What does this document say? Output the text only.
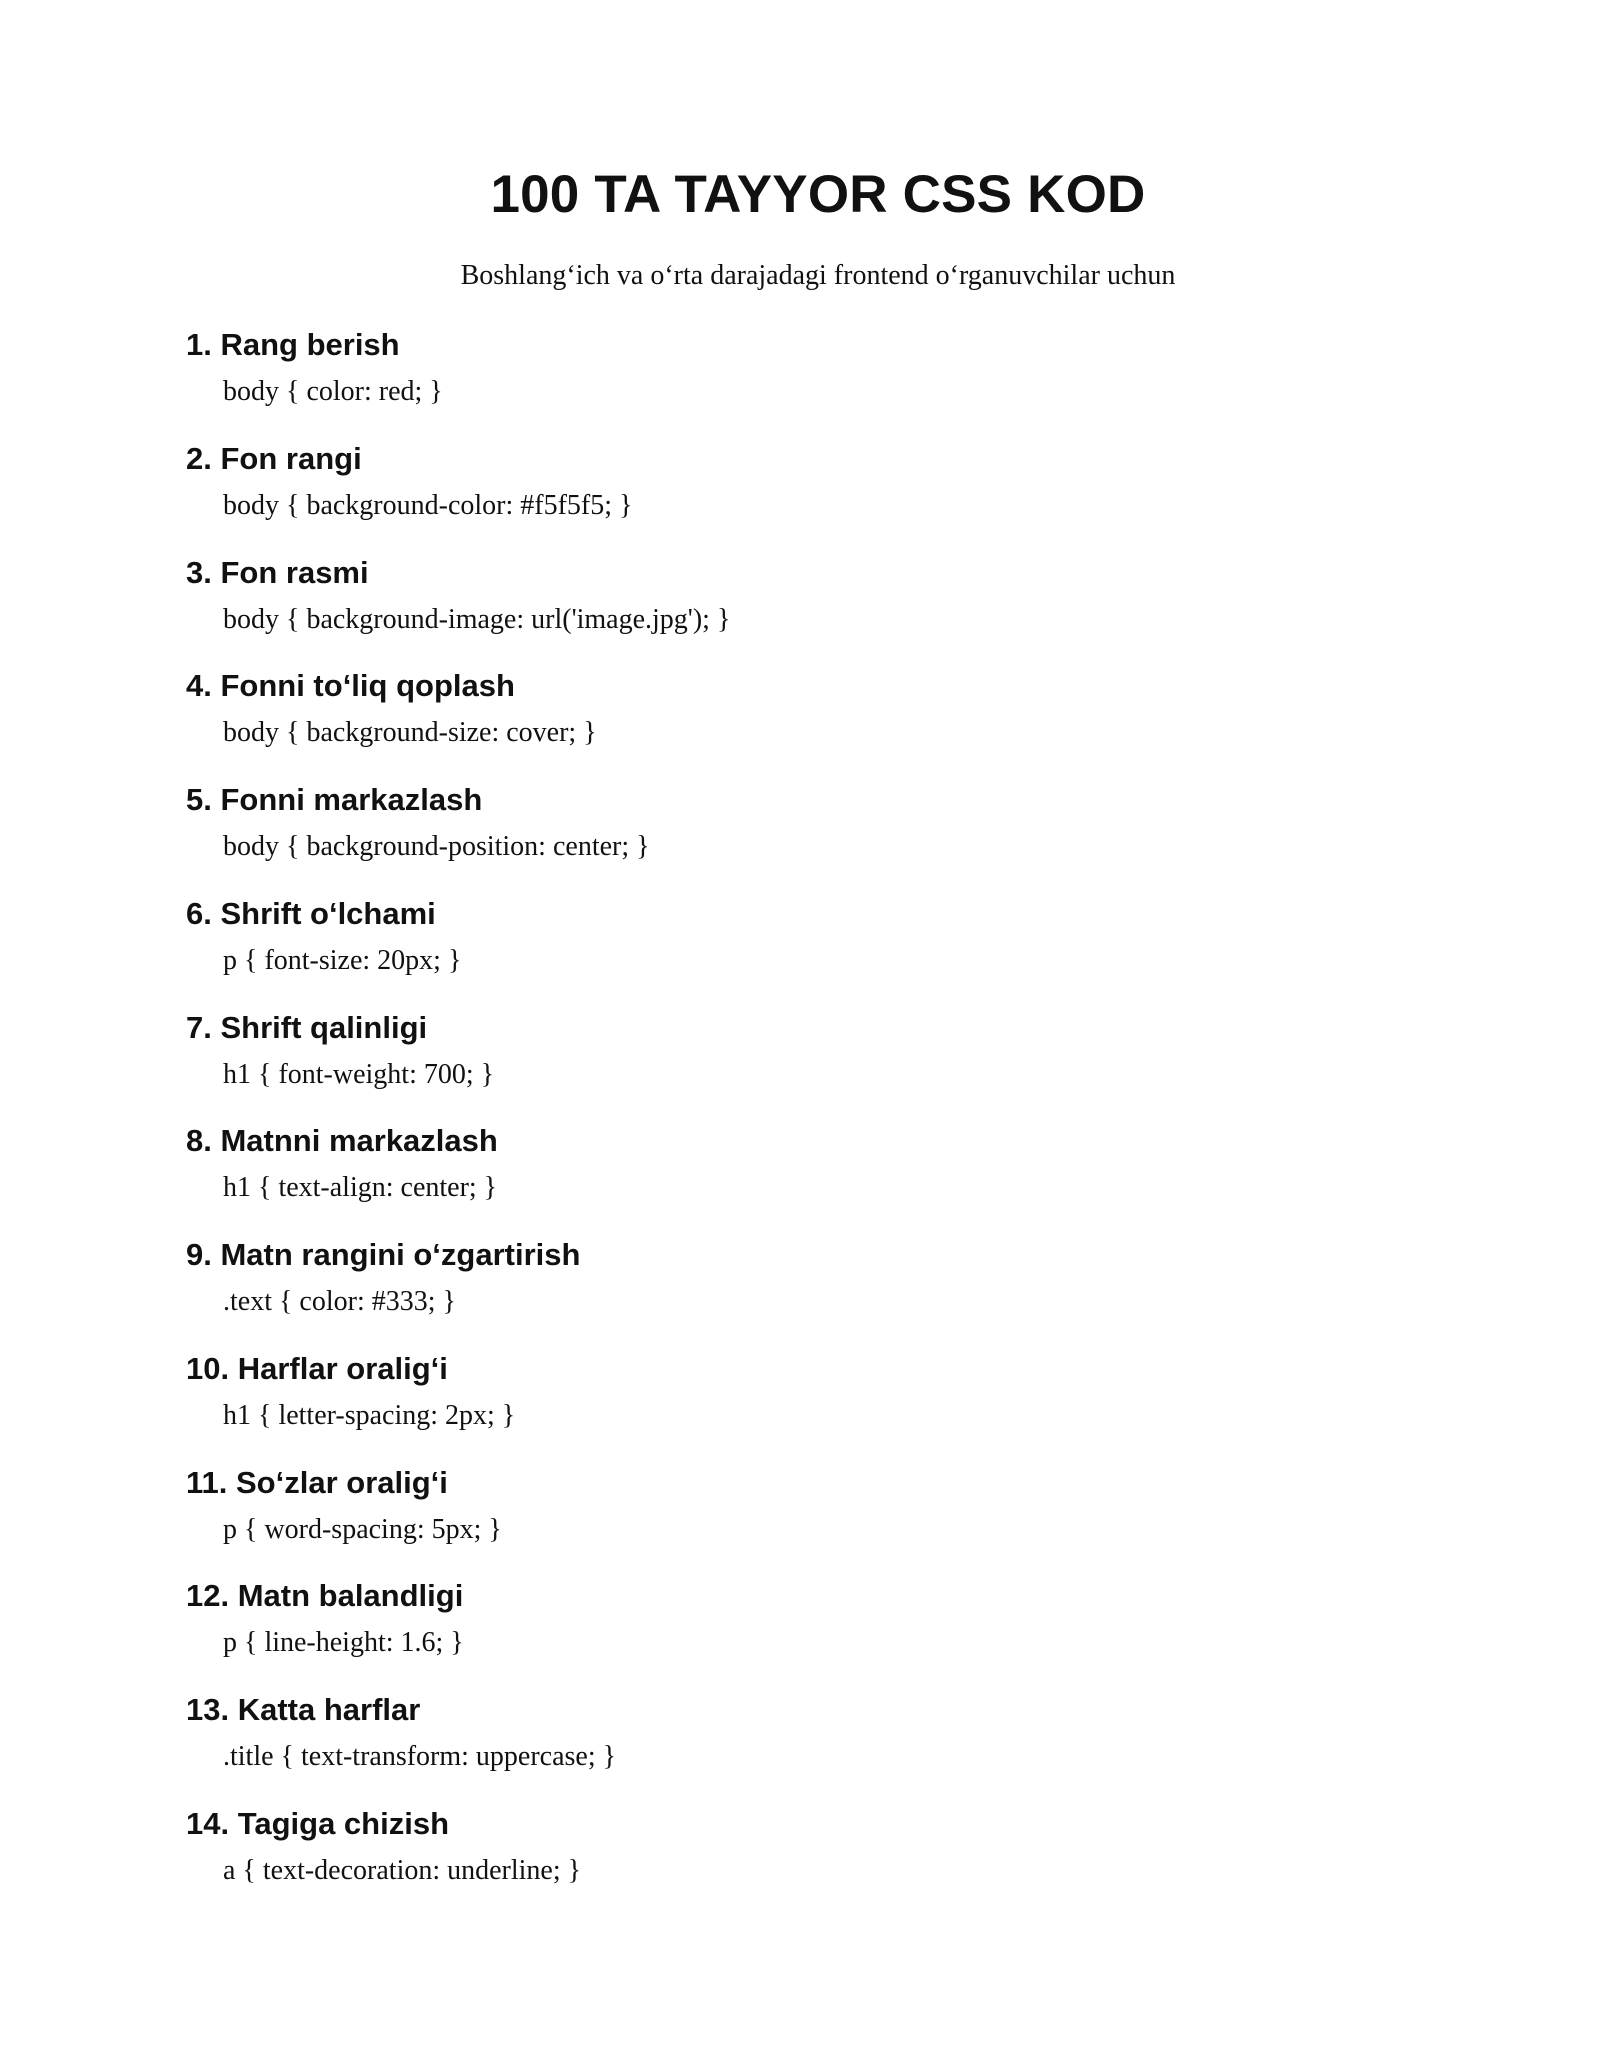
100 TA TAYYOR CSS KOD

Boshlang‘ich va o‘rta darajadagi frontend o‘rganuvchilar uchun

1. Rang berish
body { color: red; }
2. Fon rangi
body { background-color: #f5f5f5; }
3. Fon rasmi
body { background-image: url('image.jpg'); }
4. Fonni to‘liq qoplash
body { background-size: cover; }
5. Fonni markazlash
body { background-position: center; }
6. Shrift o‘lchami
p { font-size: 20px; }
7. Shrift qalinligi
h1 { font-weight: 700; }
8. Matnni markazlash
h1 { text-align: center; }
9. Matn rangini o‘zgartirish
.text { color: #333; }
10. Harflar oralig‘i
h1 { letter-spacing: 2px; }
11. So‘zlar oralig‘i
p { word-spacing: 5px; }
12. Matn balandligi
p { line-height: 1.6; }
13. Katta harflar
.title { text-transform: uppercase; }
14. Tagiga chizish
a { text-decoration: underline; }
